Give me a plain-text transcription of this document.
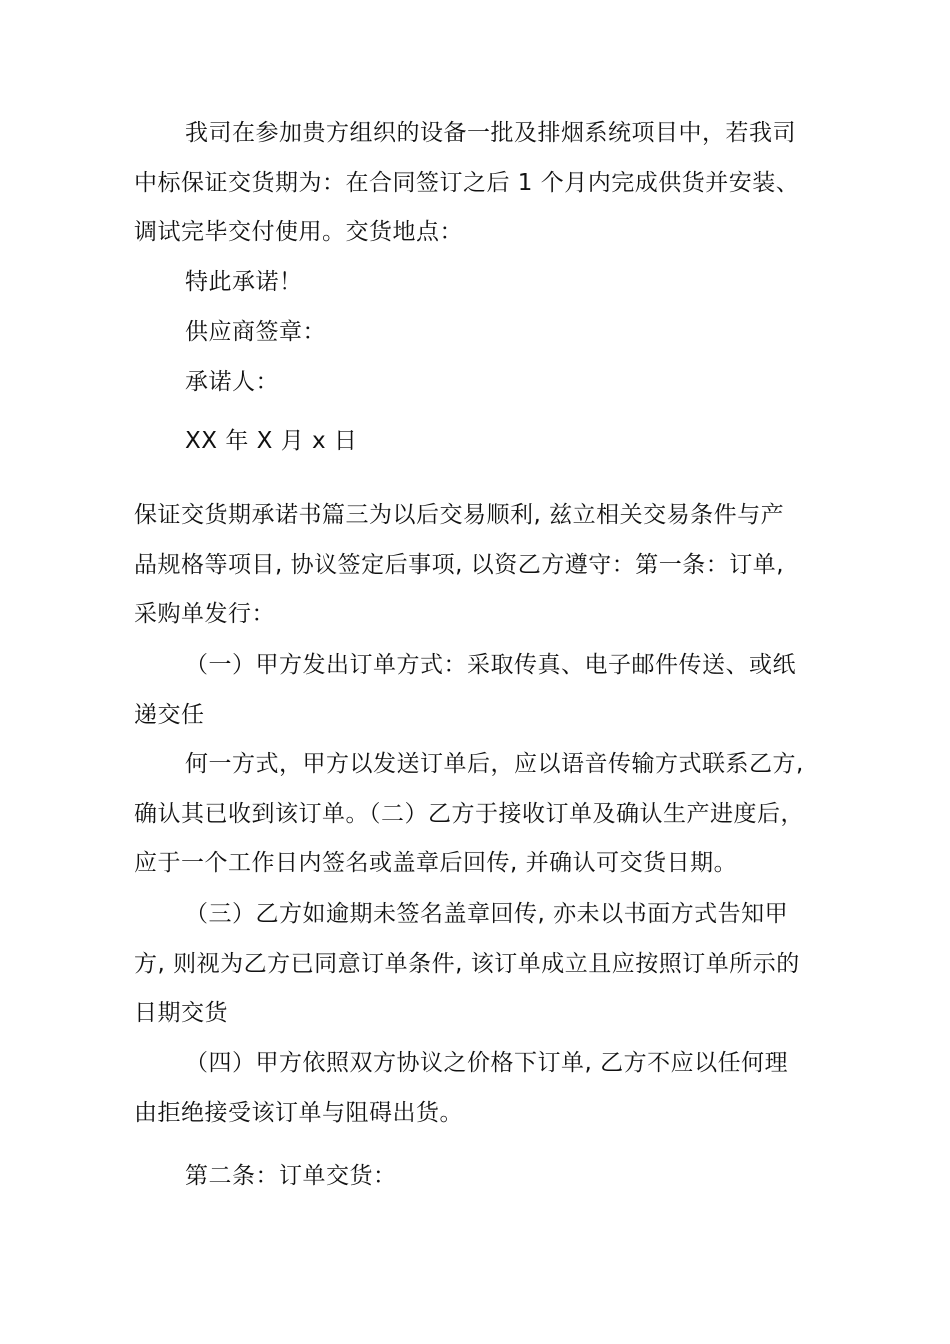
我司在参加贵方组织的设备一批及排烟系统项目中，若我司
中标保证交货期为：在合同签订之后 1 个月内完成供货并安装、
调试完毕交付使用。交货地点：
特此承诺！
供应商签章：
承诺人：
XX 年 X 月 x 日
保证交货期承诺书篇三为以后交易顺利, 兹立相关交易条件与产
品规格等项目, 协议签定后事项, 以资乙方遵守：第一条：订单,
采购单发行：
（一）甲方发出订单方式：采取传真、电子邮件传送、或纸
递交任
何一方式，甲方以发送订单后，应以语音传输方式联系乙方,
确认其已收到该订单。（二）乙方于接收订单及确认生产进度后，
应于一个工作日内签名或盖章后回传, 并确认可交货日期。
（三）乙方如逾期未签名盖章回传, 亦未以书面方式告知甲
方, 则视为乙方已同意订单条件, 该订单成立且应按照订单所示的
日期交货
（四）甲方依照双方协议之价格下订单, 乙方不应以任何理
由拒绝接受该订单与阻碍出货。
第二条：订单交货：
